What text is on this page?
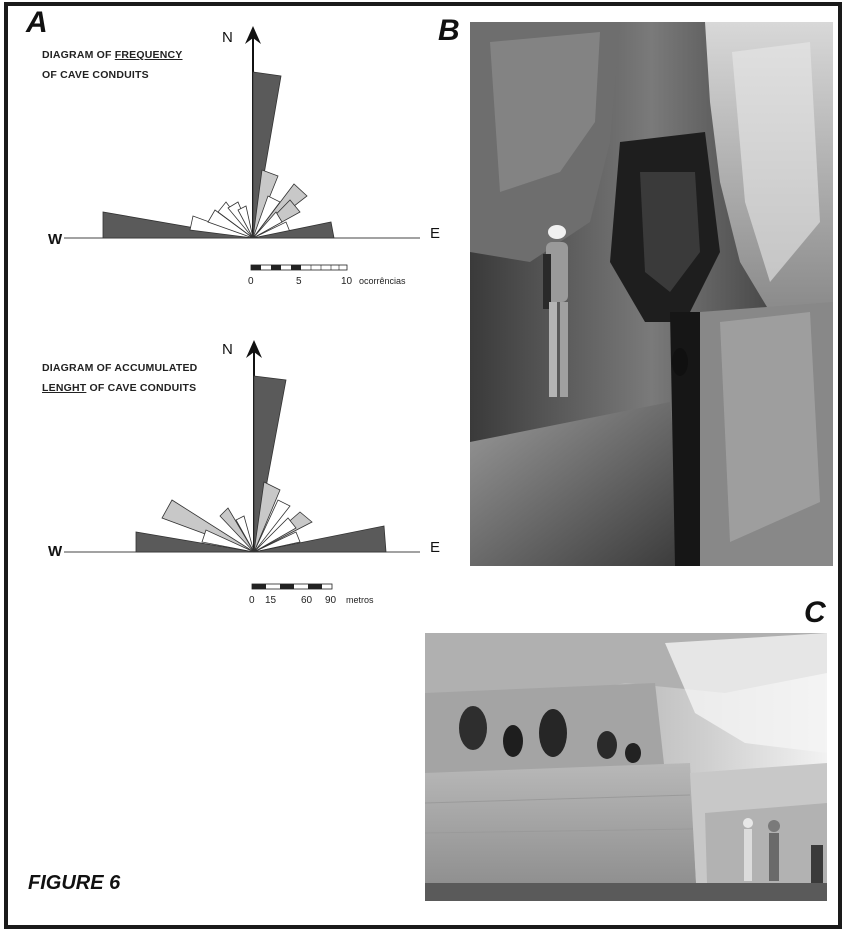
A	B
C
DIAGRAM OF FREQUENCY
OF CAVE CONDUITS
DIAGRAM OF ACCUMULATED
LENGHT OF CAVE CONDUITS
N
W	E
0	5	10 ocorrências
N
W	E
0 15 60 90 metros
FIGURE 6
